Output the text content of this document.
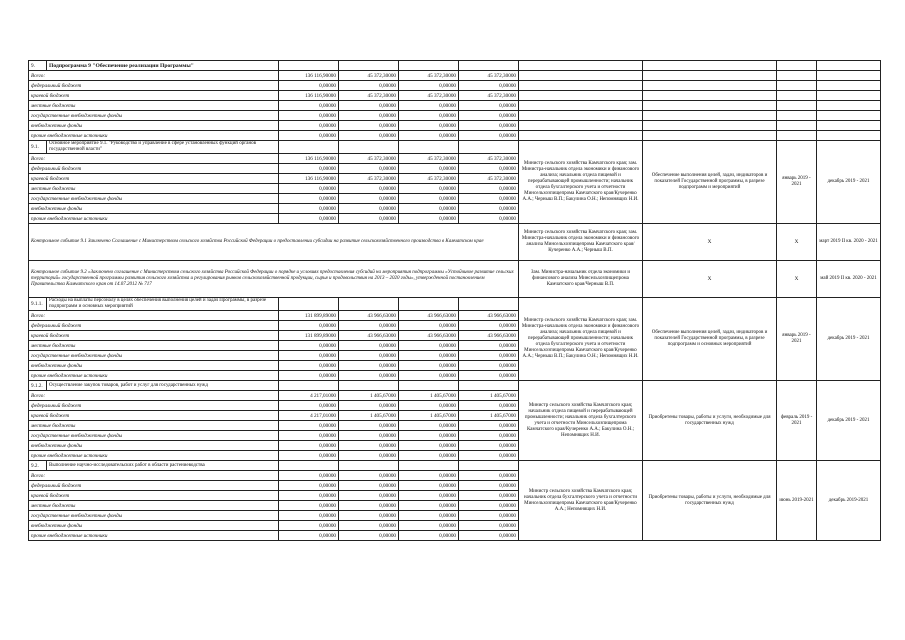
9.	Подпрограмма 9 "Обеспечение реализации Программы"								
Всего:		136 116,90000	45 372,30000	45 372,30000	45 372,30000				
федеральный бюджет		0,00000	0,00000	0,00000	0,00000				
краевой бюджет		136 116,90000	45 372,30000	45 372,30000	45 372,30000				
местные бюджеты		0,00000	0,00000	0,00000	0,00000				
государственные внебюджетные фонды		0,00000	0,00000	0,00000	0,00000				
внебюджетные фонды		0,00000	0,00000	0,00000	0,00000				
прочие внебюджетные источники		0,00000	0,00000	0,00000	0,00000				
9.1.	Основное мероприятие 9.1. "Руководство и управление в сфере установленных функций органов государственной власти"					Министр сельского хозяйства Камчатского края; зам. Министра-начальник отдела экономики и финансового анализа; начальник отдела пищевой и перерабатывающей промышленности; начальник отдела бухгалтерского учета и отчетности Минсельхозпищепрома Камчатского края/Кучеренко А.А.; Черныш В.П.; Бакулина О.Н.; Непомнящих Н.И.	Обеспечение выполнения целей, задач, индикаторов и показателей Государственной программы, в разрезе подпрограмм и мероприятий	январь 2019 - 2021	декабрь 2019 - 2021
Всего:		136 116,90000	45 372,30000	45 372,30000	45 372,30000				
федеральный бюджет		0,00000	0,00000	0,00000	0,00000				
краевой бюджет		136 116,90000	45 372,30000	45 372,30000	45 372,30000				
местные бюджеты		0,00000	0,00000	0,00000	0,00000				
государственные внебюджетные фонды		0,00000	0,00000	0,00000	0,00000				
внебюджетные фонды		0,00000	0,00000	0,00000	0,00000				
прочие внебюджетные источники		0,00000	0,00000	0,00000	0,00000				
Контрольное событие 9.1 Заключено Соглашение с Министерством сельского хозяйства Российской Федерации о предоставлении субсидии на развитие сельскохозяйственного производства в Камчатском крае						Министр сельского хозяйства Камчатского края; зам. Министра-начальник отдела экономики и финансового анализа Минсельхозпищепрома Камчатского края/Кучеренко А.А.; Черныш В.П.	X	X	март 2019 II кв. 2020 - 2021
Контрольное событие 9.2 «Заключено соглашение с Министерством сельского хозяйства Российской Федерации о порядке и условиях предоставления субсидий на мероприятия подпрограммы «Устойчивое развитие сельских территорий» государственной программы развития сельского хозяйства и регулирования рынков сельскохозяйственной продукции, сырья и продовольствия на 2013 – 2020 годы», утвержденной постановлением Правительства Камчатского края от 14.07.2012 № 717						Зам. Министра-начальник отдела экономики и финансового анализа Минсельхозпищепрома Камчатского края/Черныш В.П.	X	X	май 2019 II кв. 2020 - 2021
9.1.1.	Расходы на выплаты персоналу в целях обеспечения выполнения целей и задач Программы, в разрезе подпрограмм и основных мероприятий					Министр сельского хозяйства Камчатского края; зам. Министра-начальник отдела экономики и финансового анализа; начальник отдела пищевой и перерабатывающей промышленности; начальник отдела бухгалтерского учета и отчетности Минсельхозпищепрома Камчатского края/Кучеренко А.А.; Черныш В.П.; Бакулина О.Н.; Непомнящих Н.И.	Обеспечение выполнения целей, задач, индикаторов и показателей Государственной программы, в разрезе подпрограмм и основных мероприятий	январь 2019 - 2021	декабрь 2019 - 2021
Всего:		131 899,89000	43 966,63000	43 966,63000	43 966,63000				
федеральный бюджет		0,00000	0,00000	0,00000	0,00000				
краевой бюджет		131 899,89000	43 966,63000	43 966,63000	43 966,63000				
местные бюджеты		0,00000	0,00000	0,00000	0,00000				
государственные внебюджетные фонды		0,00000	0,00000	0,00000	0,00000				
внебюджетные фонды		0,00000	0,00000	0,00000	0,00000				
прочие внебюджетные источники		0,00000	0,00000	0,00000	0,00000				
9.1.2.	Осуществление закупок товаров, работ и услуг для государственных нужд					Министр сельского хозяйства Камчатского края; начальник отдела пищевой и перерабатывающей промышленности; начальник отдела бухгалтерского учета и отчетности Минсельхозпищепрома Камчатского края/Кучеренко А.А.; Бакулина О.Н.; Непомнящих Н.И.	Приобретены товары, работы и услуги, необходимые для государственных нужд	февраль 2019 - 2021	декабрь 2019 - 2021
Всего:		4 217,01000	1 405,67000	1 405,67000	1 405,67000				
федеральный бюджет		0,00000	0,00000	0,00000	0,00000				
краевой бюджет		4 217,01000	1 405,67000	1 405,67000	1 405,67000				
местные бюджеты		0,00000	0,00000	0,00000	0,00000				
государственные внебюджетные фонды		0,00000	0,00000	0,00000	0,00000				
внебюджетные фонды		0,00000	0,00000	0,00000	0,00000				
прочие внебюджетные источники		0,00000	0,00000	0,00000	0,00000				
9.2.	Выполнение научно-исследовательских работ в области растениеводства					Министр сельского хозяйства Камчатского края; начальник отдела бухгалтерского учета и отчетности Минсельхозпищепрома Камчатского края/Кучеренко А.А.; Непомнящих Н.И.	Приобретены товары, работы и услуги, необходимые для государственных нужд	июнь 2019-2021	декабрь 2019-2021
Всего:		0,00000	0,00000	0,00000	0,00000				
федеральный бюджет		0,00000	0,00000	0,00000	0,00000				
краевой бюджет		0,00000	0,00000	0,00000	0,00000				
местные бюджеты		0,00000	0,00000	0,00000	0,00000				
государственные внебюджетные фонды		0,00000	0,00000	0,00000	0,00000				
внебюджетные фонды		0,00000	0,00000	0,00000	0,00000				
прочие внебюджетные источники		0,00000	0,00000	0,00000	0,00000				
